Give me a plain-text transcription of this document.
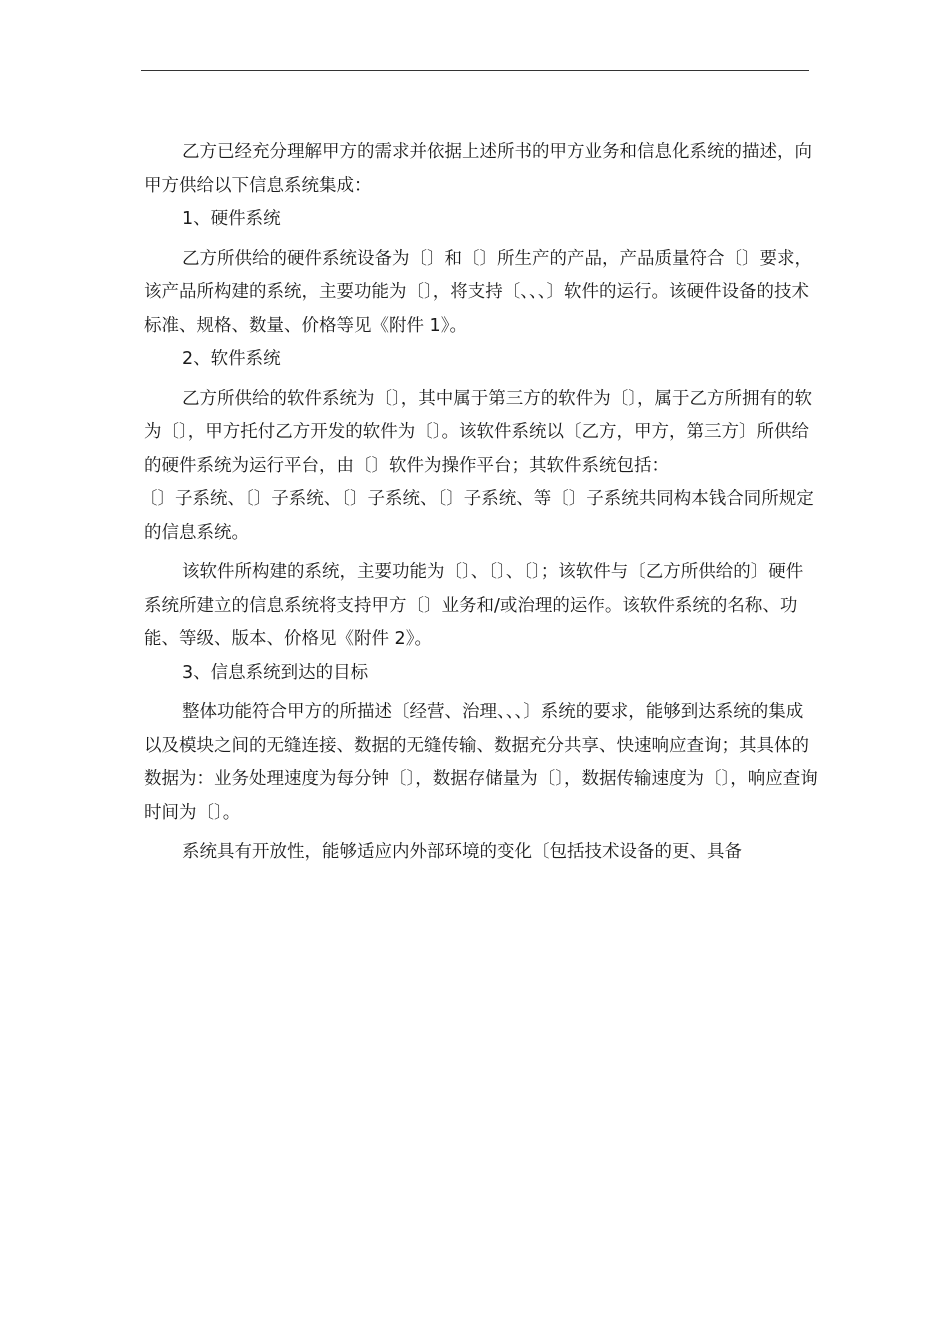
乙方已经充分理解甲方的需求并依据上述所书的甲方业务和信息化系统的描述，向甲方供给以下信息系统集成：

1、硬件系统

乙方所供给的硬件系统设备为〔〕和〔〕所生产的产品，产品质量符合〔〕要求，该产品所构建的系统，主要功能为〔〕，将支持〔、、、〕软件的运行。该硬件设备的技术标准、规格、数量、价格等见《附件 1》。

2、软件系统

乙方所供给的软件系统为〔〕，其中属于第三方的软件为〔〕，属于乙方所拥有的软为〔〕，甲方托付乙方开发的软件为〔〕。该软件系统以〔乙方，甲方，第三方〕所供给的硬件系统为运行平台，由〔〕软件为操作平台；其软件系统包括：

〔〕子系统、〔〕子系统、〔〕子系统、〔〕子系统、等〔〕子系统共同构本钱合同所规定的信息系统。

该软件所构建的系统，主要功能为〔〕、〔〕、〔〕；该软件与〔乙方所供给的〕硬件系统所建立的信息系统将支持甲方〔〕业务和/或治理的运作。该软件系统的名称、功能、等级、版本、价格见《附件 2》。

3、信息系统到达的目标

整体功能符合甲方的所描述〔经营、治理、、、〕系统的要求，能够到达系统的集成以及模块之间的无缝连接、数据的无缝传输、数据充分共享、快速响应查询；其具体的数据为：业务处理速度为每分钟〔〕，数据存储量为〔〕，数据传输速度为〔〕，响应查询时间为〔〕。

系统具有开放性，能够适应内外部环境的变化〔包括技术设备的更、具备
